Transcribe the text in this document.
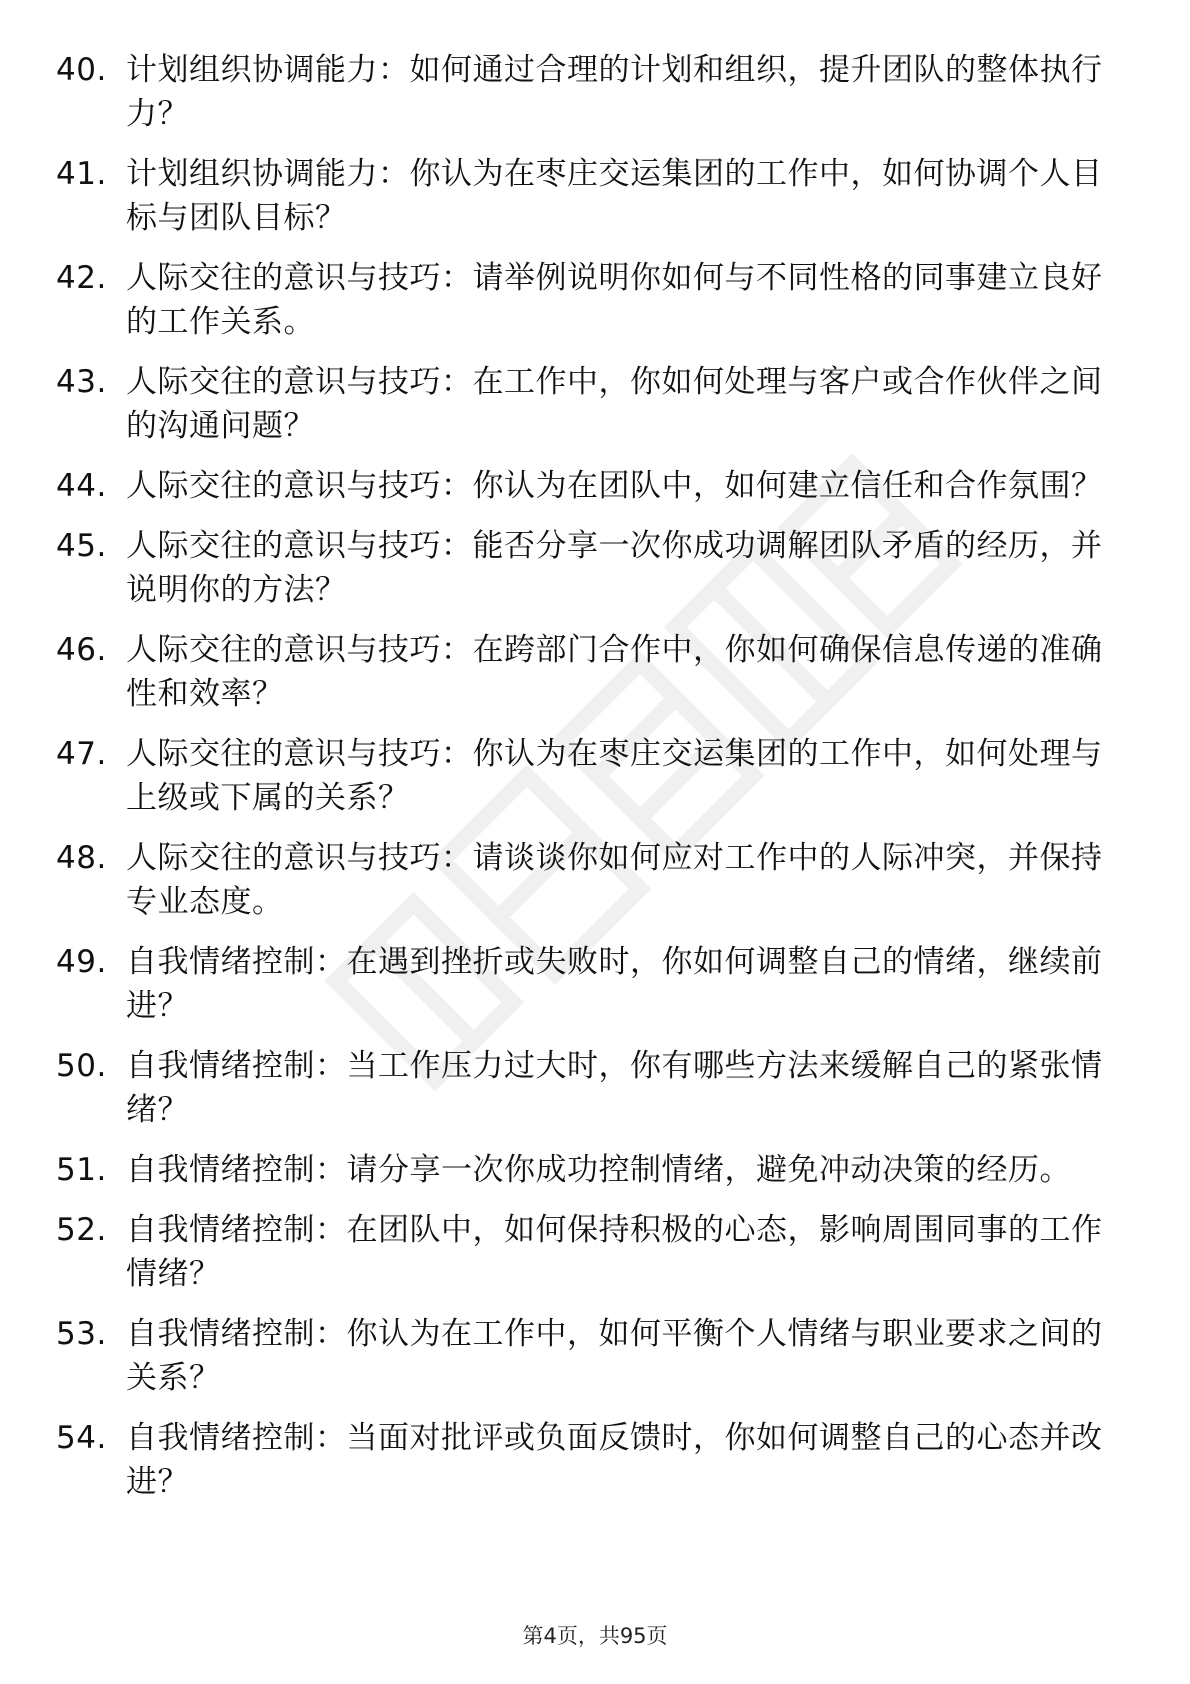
40. 计划组织协调能力：如何通过合理的计划和组织，提升团队的整体执行力？
41. 计划组织协调能力：你认为在枣庄交运集团的工作中，如何协调个人目标与团队目标？
42. 人际交往的意识与技巧：请举例说明你如何与不同性格的同事建立良好的工作关系。
43. 人际交往的意识与技巧：在工作中，你如何处理与客户或合作伙伴之间的沟通问题？
44. 人际交往的意识与技巧：你认为在团队中，如何建立信任和合作氛围？
45. 人际交往的意识与技巧：能否分享一次你成功调解团队矛盾的经历，并说明你的方法？
46. 人际交往的意识与技巧：在跨部门合作中，你如何确保信息传递的准确性和效率？
47. 人际交往的意识与技巧：你认为在枣庄交运集团的工作中，如何处理与上级或下属的关系？
48. 人际交往的意识与技巧：请谈谈你如何应对工作中的人际冲突，并保持专业态度。
49. 自我情绪控制：在遇到挫折或失败时，你如何调整自己的情绪，继续前进？
50. 自我情绪控制：当工作压力过大时，你有哪些方法来缓解自己的紧张情绪？
51. 自我情绪控制：请分享一次你成功控制情绪，避免冲动决策的经历。
52. 自我情绪控制：在团队中，如何保持积极的心态，影响周围同事的工作情绪？
53. 自我情绪控制：你认为在工作中，如何平衡个人情绪与职业要求之间的关系？
54. 自我情绪控制：当面对批评或负面反馈时，你如何调整自己的心态并改进？
第4页，共95页
